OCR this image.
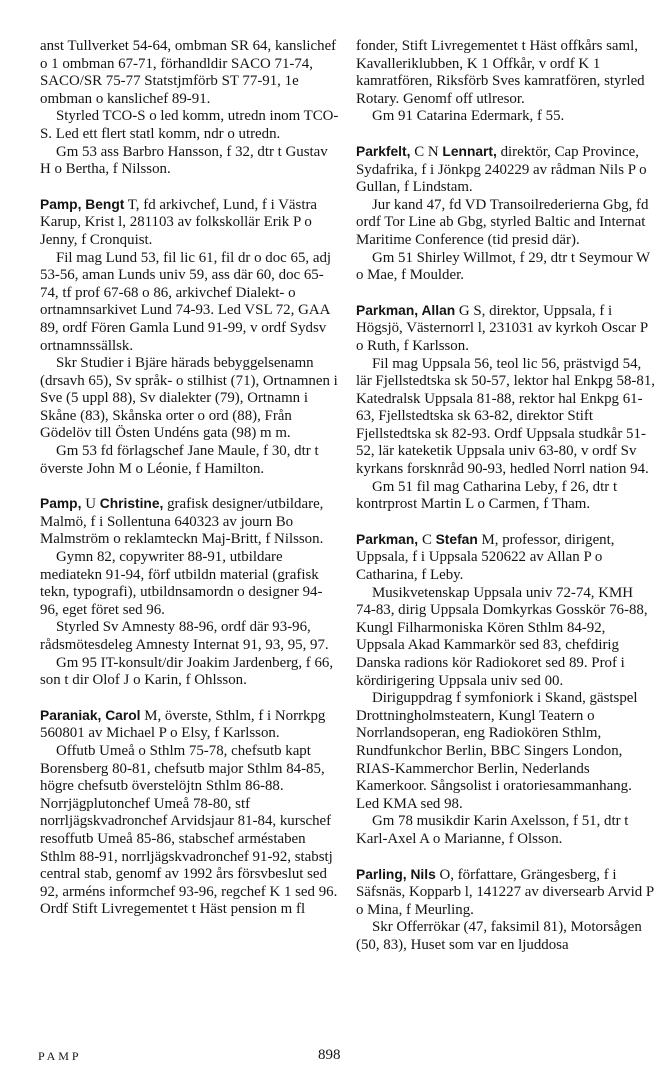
anst Tullverket 54-64, ombman SR 64, kanslichef o 1 ombman 67-71, förhandldir SACO 71-74, SACO/SR 75-77 Statstjmförb ST 77-91, 1e ombman o kanslichef 89-91.

Styrled TCO-S o led komm, utredn inom TCO-S. Led ett flert statl komm, ndr o utredn.

Gm 53 ass Barbro Hansson, f 32, dtr t Gustav H o Bertha, f Nilsson.

Pamp, Bengt T, fd arkivchef, Lund, f i Västra Karup, Krist l, 281103 av folkskollär Erik P o Jenny, f Cronquist.

Fil mag Lund 53, fil lic 61, fil dr o doc 65, adj 53-56, aman Lunds univ 59, ass där 60, doc 65-74, tf prof 67-68 o 86, arkivchef Dialekt- o ortnamnsarkivet Lund 74-93. Led VSL 72, GAA 89, ordf Fören Gamla Lund 91-99, v ordf Sydsv ortnamnssällsk.

Skr Studier i Bjäre härads bebyggelsenamn (drsavh 65), Sv språk- o stilhist (71), Ortnamnen i Sve (5 uppl 88), Sv dialekter (79), Ortnamn i Skåne (83), Skånska orter o ord (88), Från Gödelöv till Östen Undéns gata (98) m m.

Gm 53 fd förlagschef Jane Maule, f 30, dtr t överste John M o Léonie, f Hamilton.

Pamp, U Christine, grafisk designer/utbildare, Malmö, f i Sollentuna 640323 av journ Bo Malmström o reklamteckn Maj-Britt, f Nilsson.

Gymn 82, copywriter 88-91, utbildare mediatekn 91-94, förf utbildn material (grafisk tekn, typografi), utbildnsamordn o designer 94-96, eget föret sed 96.

Styrled Sv Amnesty 88-96, ordf där 93-96, rådsmötesdeleg Amnesty Internat 91, 93, 95, 97.

Gm 95 IT-konsult/dir Joakim Jardenberg, f 66, son t dir Olof J o Karin, f Ohlsson.

Paraniak, Carol M, överste, Sthlm, f i Norrkpg 560801 av Michael P o Elsy, f Karlsson.

Offutb Umeå o Sthlm 75-78, chefsutb kapt Borensberg 80-81, chefsutb major Sthlm 84-85, högre chefsutb överstelöjtn Sthlm 86-88. Norrjägplutonchef Umeå 78-80, stf norrljägskvadronchef Arvidsjaur 81-84, kurschef resoffutb Umeå 85-86, stabschef arméstaben Sthlm 88-91, norrljägskvadronchef 91-92, stabstj central stab, genomf av 1992 års försvbeslut sed 92, arméns informchef 93-96, regchef K 1 sed 96. Ordf Stift Livregementet t Häst pension m fl

fonder, Stift Livregementet t Häst offkårs saml, Kavalleriklubben, K 1 Offkår, v ordf K 1 kamratfören, Riksförb Sves kamratfören, styrled Rotary. Genomf off utlresor.

Gm 91 Catarina Edermark, f 55.

Parkfelt, C N Lennart, direktör, Cap Province, Sydafrika, f i Jönkpg 240229 av rådman Nils P o Gullan, f Lindstam.

Jur kand 47, fd VD Transoilrederierna Gbg, fd ordf Tor Line ab Gbg, styrled Baltic and Internat Maritime Conference (tid presid där).

Gm 51 Shirley Willmot, f 29, dtr t Seymour W o Mae, f Moulder.

Parkman, Allan G S, direktor, Uppsala, f i Högsjö, Västernorrl l, 231031 av kyrkoh Oscar P o Ruth, f Karlsson.

Fil mag Uppsala 56, teol lic 56, prästvigd 54, lär Fjellstedtska sk 50-57, lektor hal Enkpg 58-81, Katedralsk Uppsala 81-88, rektor hal Enkpg 61-63, Fjellstedtska sk 63-82, direktor Stift Fjellstedtska sk 82-93. Ordf Uppsala studkår 51-52, lär kateketik Uppsala univ 63-80, v ordf Sv kyrkans forsknråd 90-93, hedled Norrl nation 94.

Gm 51 fil mag Catharina Leby, f 26, dtr t kontrprost Martin L o Carmen, f Tham.

Parkman, C Stefan M, professor, dirigent, Uppsala, f i Uppsala 520622 av Allan P o Catharina, f Leby.

Musikvetenskap Uppsala univ 72-74, KMH 74-83, dirig Uppsala Domkyrkas Gosskör 76-88, Kungl Filharmoniska Kören Sthlm 84-92, Uppsala Akad Kammarkör sed 83, chefdirig Danska radions kör Radiokoret sed 89. Prof i kördirigering Uppsala univ sed 00.

Diriguppdrag f symfoniork i Skand, gästspel Drottningholmsteatern, Kungl Teatern o Norrlandsoperan, eng Radiokören Sthlm, Rundfunkchor Berlin, BBC Singers London, RIAS-Kammerchor Berlin, Nederlands Kamerkoor. Sångsolist i oratoriesammanhang. Led KMA sed 98.

Gm 78 musikdir Karin Axelsson, f 51, dtr t Karl-Axel A o Marianne, f Olsson.

Parling, Nils O, författare, Grängesberg, f i Säfsnäs, Kopparb l, 141227 av diversearb Arvid P o Mina, f Meurling.

Skr Offerrökar (47, faksimil 81), Motorsågen (50, 83), Huset som var en ljuddosa

PAMP	898
